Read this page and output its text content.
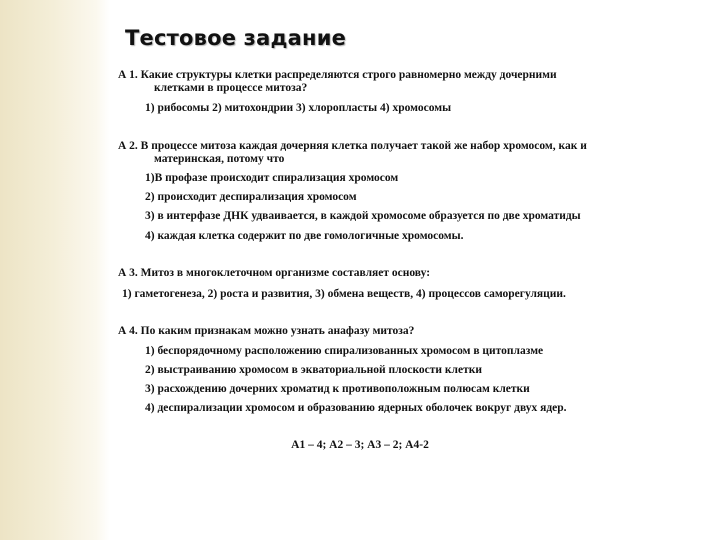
Тестовое задание
А 1. Какие структуры клетки распределяются строго равномерно между дочерними
клетками в процессе митоза?
1) рибосомы 2) митохондрии 3) хлоропласты 4) хромосомы
А 2. В процессе митоза каждая дочерняя клетка получает такой же набор хромосом, как и
материнская, потому что
1)В профазе происходит спирализация хромосом
2) происходит деспирализация хромосом
3) в интерфазе ДНК удваивается, в каждой хромосоме образуется по две хроматиды
4) каждая клетка содержит по две гомологичные хромосомы.
А 3. Митоз в многоклеточном организме составляет основу:
1) гаметогенеза, 2) роста и развития, 3) обмена веществ, 4) процессов саморегуляции.
А 4. По каким признакам можно узнать анафазу митоза?
1) беспорядочному расположению спирализованных хромосом в цитоплазме
2) выстраиванию хромосом в экваториальной плоскости клетки
3) расхождению дочерних хроматид к противоположным полюсам клетки
4) деспирализации хромосом и образованию ядерных оболочек вокруг двух ядер.
А1 – 4; А2 – 3; А3 – 2; А4-2
